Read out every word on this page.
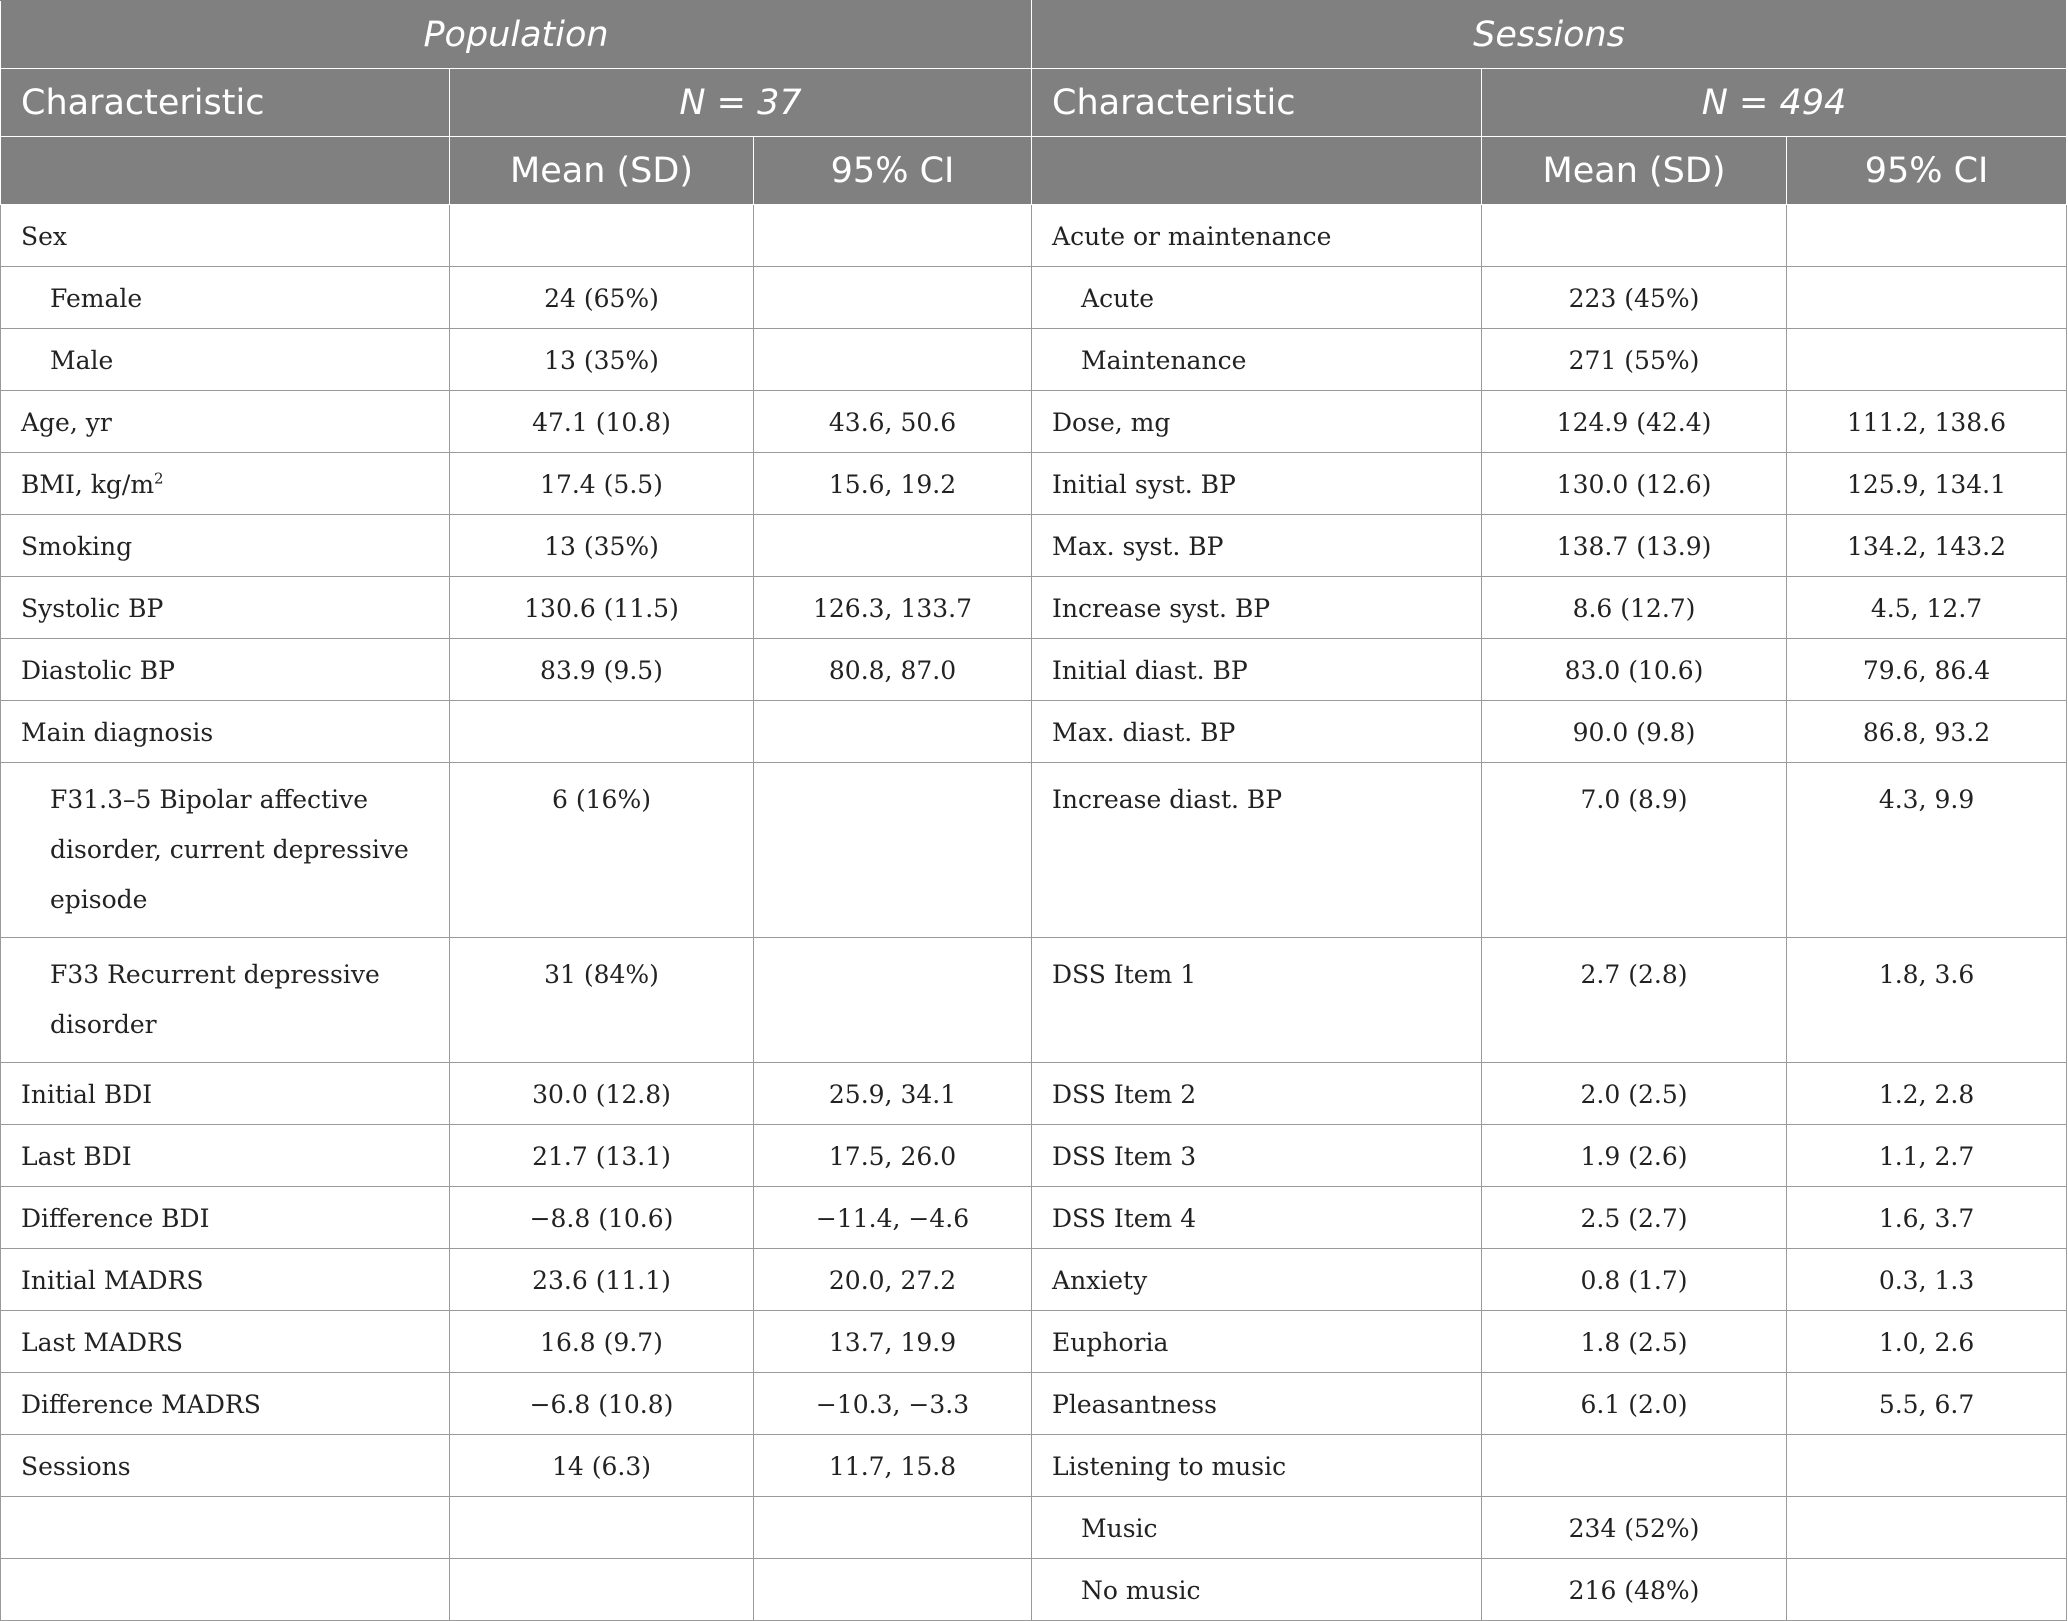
Population			Sessions		
Characteristic	N = 37		Characteristic	N = 494	
	Mean (SD)	95% CI		Mean (SD)	95% CI
Sex			Acute or maintenance		
Female	24 (65%)		Acute	223 (45%)	
Male	13 (35%)		Maintenance	271 (55%)	
Age, yr	47.1 (10.8)	43.6, 50.6	Dose, mg	124.9 (42.4)	111.2, 138.6
BMI, $kg/m^2$	17.4 (5.5)	15.6, 19.2	Initial syst. BP	130.0 (12.6)	125.9, 134.1
Smoking	13 (35%)		Max. syst. BP	138.7 (13.9)	134.2, 143.2
Systolic BP	130.6 (11.5)	126.3, 133.7	Increase syst. BP	8.6 (12.7)	4.5, 12.7
Diastolic BP	83.9 (9.5)	80.8, 87.0	Initial diast. BP	83.0 (10.6)	79.6, 86.4
Main diagnosis			Max. diast. BP	90.0 (9.8)	86.8, 93.2
F31.3–5 Bipolar affective disorder, current depressive episode	6 (16%)		Increase diast. BP	7.0 (8.9)	4.3, 9.9
F33 Recurrent depressive disorder	31 (84%)		DSS Item 1	2.7 (2.8)	1.8, 3.6
Initial BDI	30.0 (12.8)	25.9, 34.1	DSS Item 2	2.0 (2.5)	1.2, 2.8
Last BDI	21.7 (13.1)	17.5, 26.0	DSS Item 3	1.9 (2.6)	1.1, 2.7
Difference BDI	−8.8 (10.6)	−11.4, −4.6	DSS Item 4	2.5 (2.7)	1.6, 3.7
Initial MADRS	23.6 (11.1)	20.0, 27.2	Anxiety	0.8 (1.7)	0.3, 1.3
Last MADRS	16.8 (9.7)	13.7, 19.9	Euphoria	1.8 (2.5)	1.0, 2.6
Difference MADRS	−6.8 (10.8)	−10.3, −3.3	Pleasantness	6.1 (2.0)	5.5, 6.7
Sessions	14 (6.3)	11.7, 15.8	Listening to music		
			Music	234 (52%)	
			No music	216 (48%)	
